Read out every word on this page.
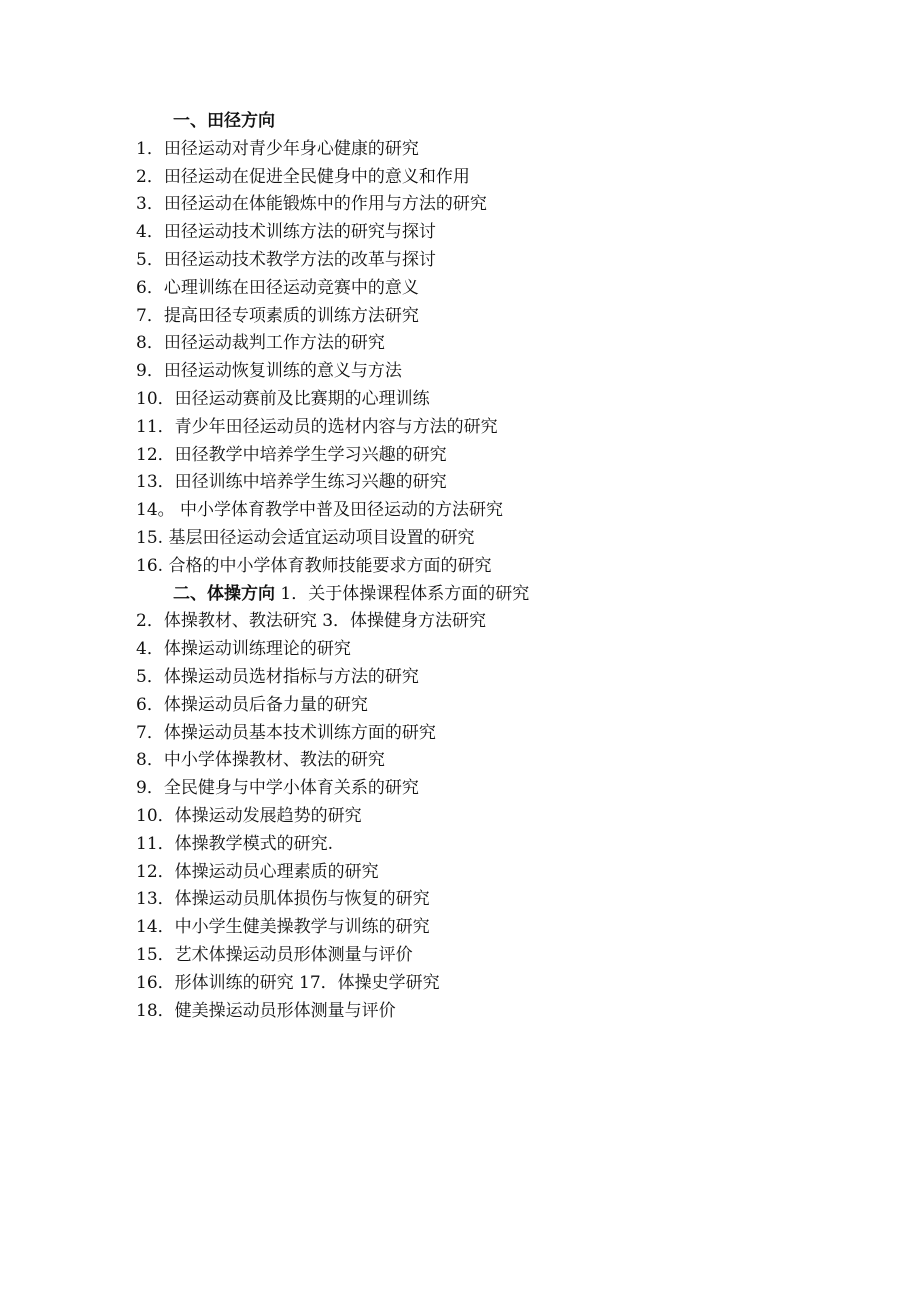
一、田径方向
1．田径运动对青少年身心健康的研究
2．田径运动在促进全民健身中的意义和作用
3．田径运动在体能锻炼中的作用与方法的研究
4．田径运动技术训练方法的研究与探讨
5．田径运动技术教学方法的改革与探讨
6．心理训练在田径运动竞赛中的意义
7．提高田径专项素质的训练方法研究
8．田径运动裁判工作方法的研究
9．田径运动恢复训练的意义与方法
10．田径运动赛前及比赛期的心理训练
11．青少年田径运动员的选材内容与方法的研究
12．田径教学中培养学生学习兴趣的研究
13．田径训练中培养学生练习兴趣的研究
14。 中小学体育教学中普及田径运动的方法研究
15. 基层田径运动会适宜运动项目设置的研究
16. 合格的中小学体育教师技能要求方面的研究
二、体操方向 1．关于体操课程体系方面的研究
2．体操教材、教法研究 3．体操健身方法研究
4．体操运动训练理论的研究
5．体操运动员选材指标与方法的研究
6．体操运动员后备力量的研究
7．体操运动员基本技术训练方面的研究
8．中小学体操教材、教法的研究
9．全民健身与中学小体育关系的研究
10．体操运动发展趋势的研究
11．体操教学模式的研究.
12．体操运动员心理素质的研究
13．体操运动员肌体损伤与恢复的研究
14．中小学生健美操教学与训练的研究
15．艺术体操运动员形体测量与评价
16．形体训练的研究 17．体操史学研究
18．健美操运动员形体测量与评价
